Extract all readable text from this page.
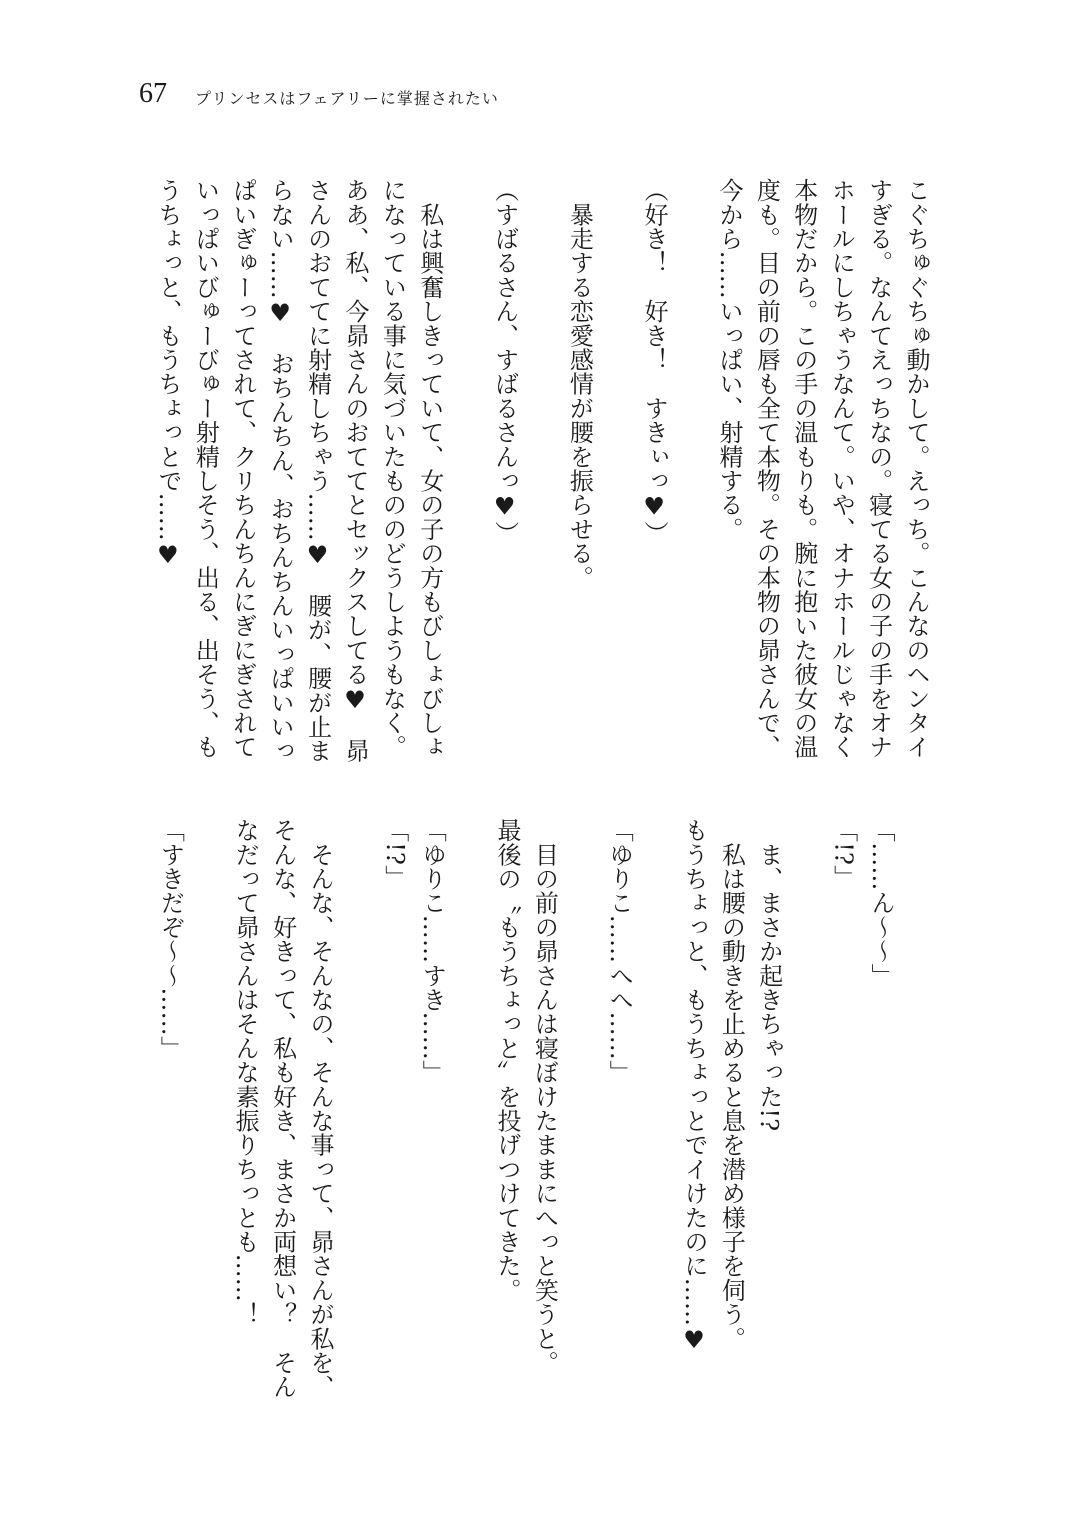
67 プリンセスはフェアリーに掌握されたい
こぐちゅぐちゅ動かして。えっち。こんなのヘンタイ
すぎる。なんてえっちなの。寝てる女の子の手をオナ
ホールにしちゃうなんて。いや、オナホールじゃなく
本物だから。この手の温もりも。腕に抱いた彼女の温
度も。目の前の唇も全て本物。その本物の昴さんで、
今から……いっぱい、射精する。
（好き！　好き！　すきぃっ♥）
　暴走する恋愛感情が腰を振らせる。
（すばるさん、すばるさんっ♥）
　私は興奮しきっていて、女の子の方もびしょびしょ
になっている事に気づいたもののどうしようもなく。
ああ、私、今昴さんのおててとセックスしてる♥　昴
さんのおててに射精しちゃう……♥　腰が、腰が止ま
らない……♥　おちんちん、おちんちんいっぱいいっ
ぱいぎゅーってされて、クリちんちんにぎにぎされて
いっぱいびゅーびゅー射精しそう、出る、出そう、も
うちょっと、もうちょっとで……♥
「……ん～～」
「!?」
　ま、まさか起きちゃった!?
　私は腰の動きを止めると息を潜め様子を伺う。
もうちょっと、もうちょっとでイけたのに……♥
「ゆりこ……へへ……」
　目の前の昴さんは寝ぼけたままにへっと笑うと。
最後の〝もうちょっと〟を投げつけてきた。
「ゆりこ……すき……」
「!?」
　そんな、そんなの、そんな事って、昴さんが私を、
そんな、好きって、私も好き、まさか両想い？　そん
なだって昴さんはそんな素振りちっとも……！
「すきだぞ～～……」
